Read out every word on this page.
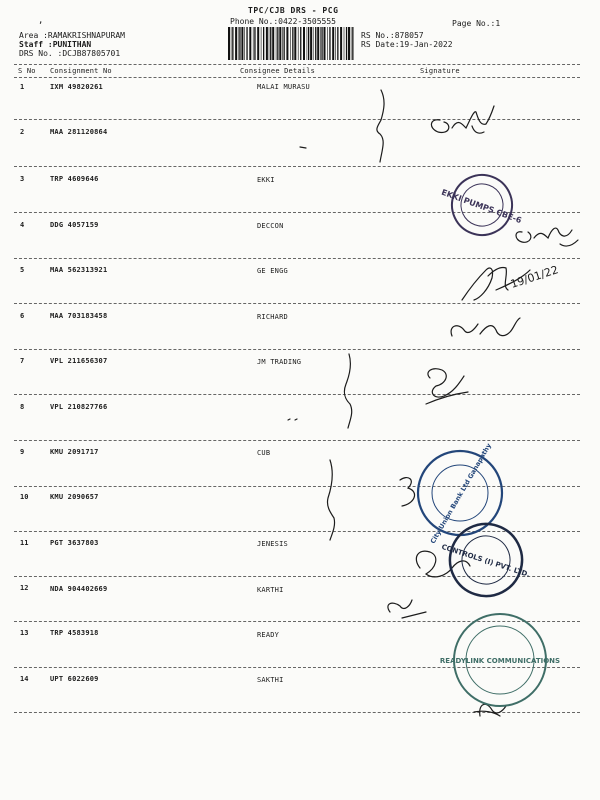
TPC/CJB DRS - PCG
Phone No.:0422-3505555	Page No.:1
,
Area :RAMAKRISHNAPURAM
Staff :PUNITHAN
DRS No. :DCJB87805701
RS No.:878057
RS Date:19-Jan-2022
S No Consignment No	Consignee Details	Signature
1	IXM 49820261	MALAI MURASU
2	MAA 281120864
3	TRP 4609646	EKKI
4	DDG 4057159	DECCON
5	MAA 562313921	GE ENGG
6	MAA 703183458	RICHARD
7	VPL 211656307	JM TRADING
8	VPL 210827766
9	KMU 2091717	CUB
10	KMU 2090657
11	PGT 3637803	JENESIS
12	NDA 904402669	KARTHI
13	TRP 4583918	READY
14	UPT 6022609	SAKTHI
19/01/22
EKKI PUMPS CBE-6
City Union Bank Ltd Ganapathy
CONTROLS (I) PVT. LTD.
READYLINK COMMUNICATIONS
